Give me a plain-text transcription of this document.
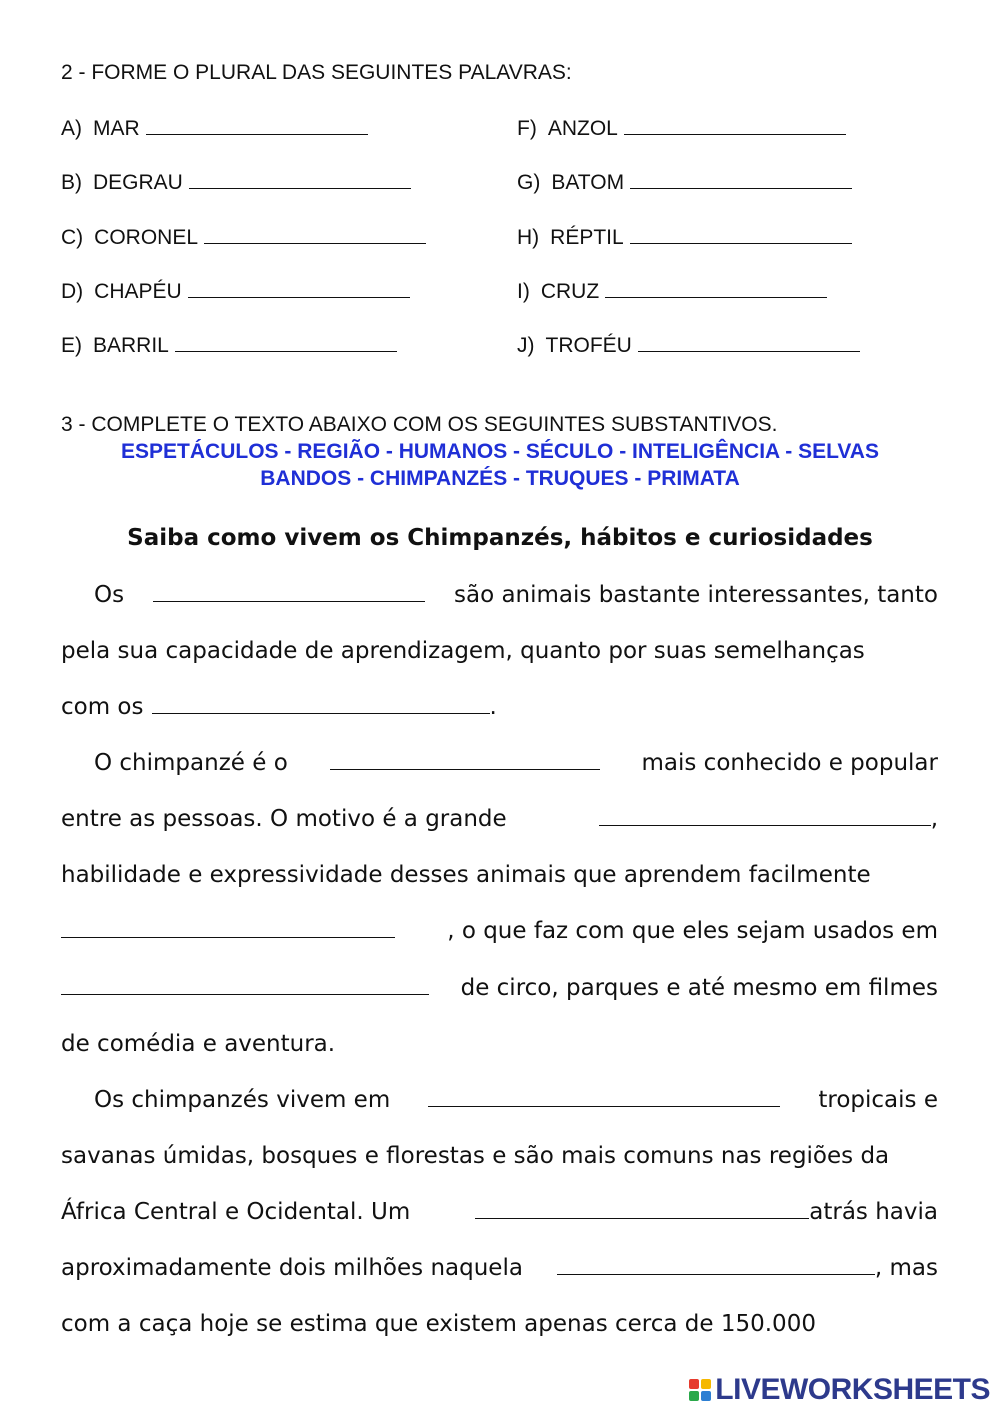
2 - FORME O PLURAL DAS SEGUINTES PALAVRAS:
A) MAR
B) DEGRAU
C) CORONEL
D) CHAPÉU
E) BARRIL
F) ANZOL
G) BATOM
H) RÉPTIL
I) CRUZ
J) TROFÉU
3 - COMPLETE O TEXTO ABAIXO COM OS SEGUINTES SUBSTANTIVOS.
ESPETÁCULOS - REGIÃO - HUMANOS - SÉCULO - INTELIGÊNCIA - SELVAS
BANDOS - CHIMPANZÉS - TRUQUES - PRIMATA
Saiba como vivem os Chimpanzés, hábitos e curiosidades
Os	são animais bastante interessantes, tanto
pela sua capacidade de aprendizagem, quanto por suas semelhanças
com os	.
O chimpanzé é o	mais conhecido e popular
entre as pessoas. O motivo é a grande	,
habilidade e expressividade desses animais que aprendem facilmente
, o que faz com que eles sejam usados em
de circo, parques e até mesmo em filmes
de comédia e aventura.
Os chimpanzés vivem em	tropicais e
savanas úmidas, bosques e florestas e são mais comuns nas regiões da
África Central e Ocidental. Um	atrás havia
aproximadamente dois milhões naquela	, mas
com a caça hoje se estima que existem apenas cerca de 150.000
LIVEWORKSHEETS
